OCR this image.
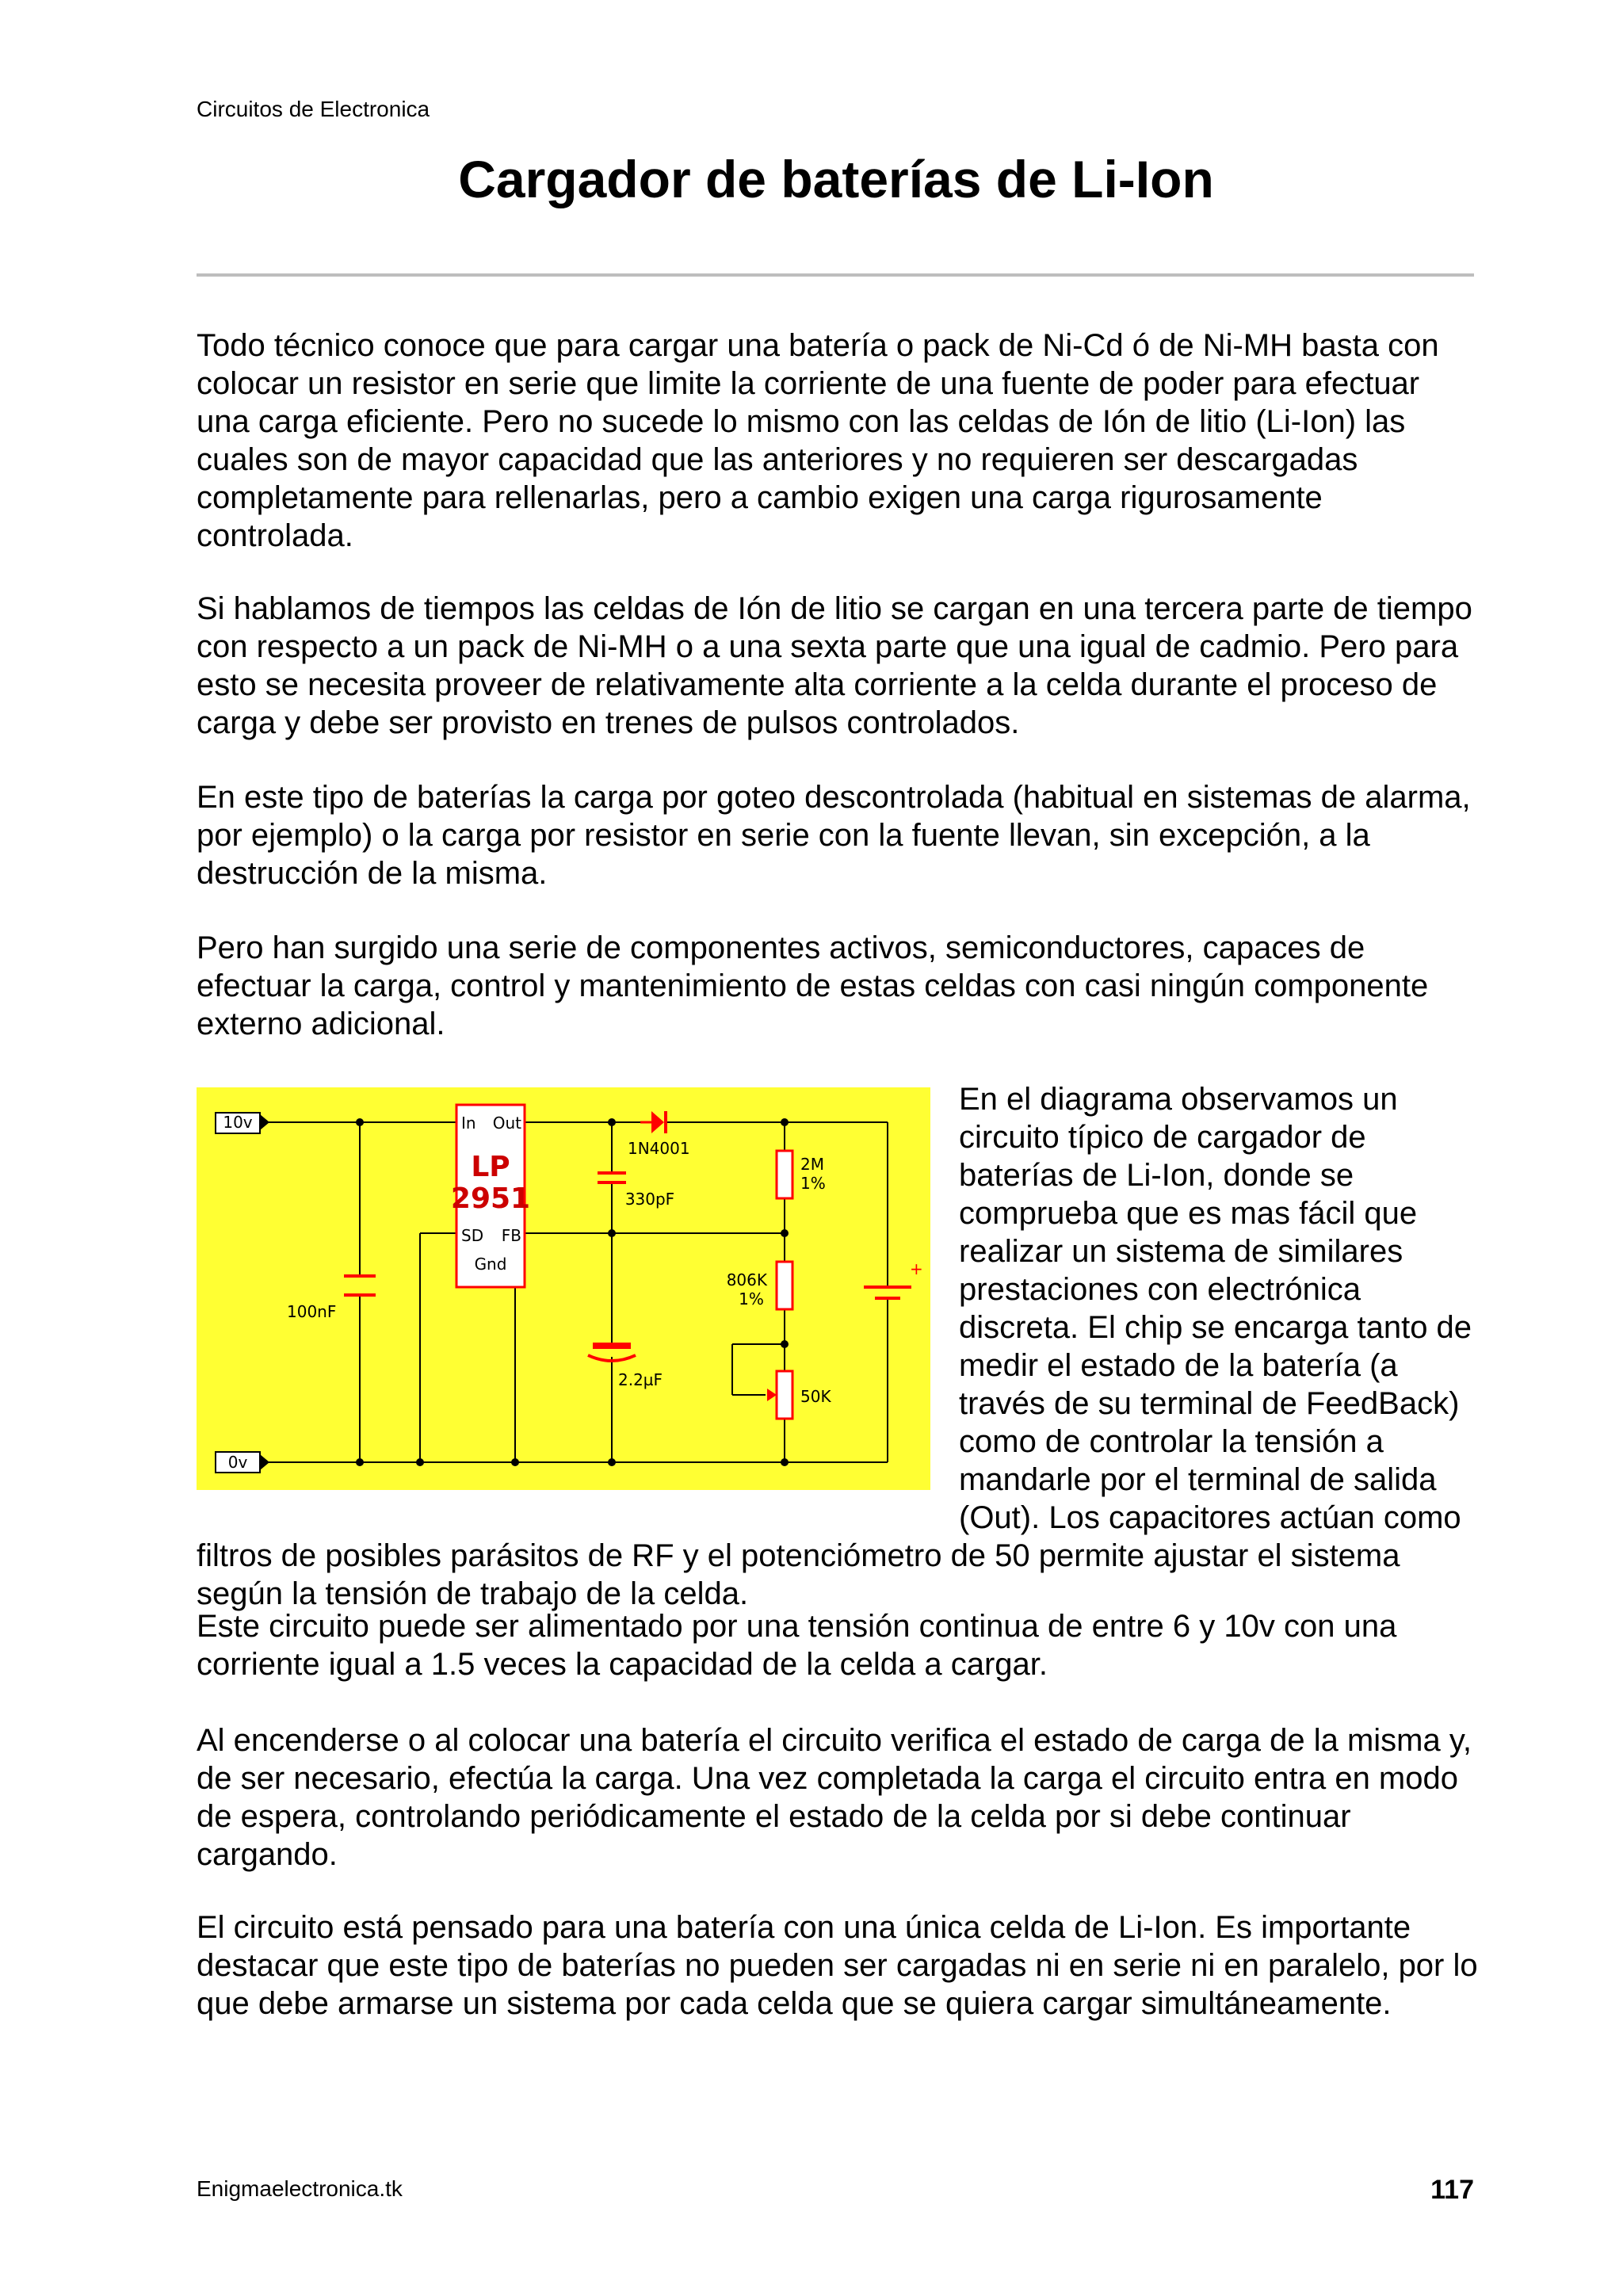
Circuitos de Electronica
Cargador de baterías de Li-Ion

Todo técnico conoce que para cargar una batería o pack de Ni-Cd ó de Ni-MH basta con colocar un resistor en serie que limite la corriente de una fuente de poder para efectuar una carga eficiente. Pero no sucede lo mismo con las celdas de Ión de litio (Li-Ion) las cuales son de mayor capacidad que las anteriores y no requieren ser descargadas completamente para rellenarlas, pero a cambio exigen una carga rigurosamente controlada.

Si hablamos de tiempos las celdas de Ión de litio se cargan en una tercera parte de tiempo con respecto a un pack de Ni-MH o a una sexta parte que una igual de cadmio. Pero para esto se necesita proveer de relativamente alta corriente a la celda durante el proceso de carga y debe ser provisto en trenes de pulsos controlados.

En este tipo de baterías la carga por goteo descontrolada (habitual en sistemas de alarma, por ejemplo) o la carga por resistor en serie con la fuente llevan, sin excepción, a la destrucción de la misma.

Pero han surgido una serie de componentes activos, semiconductores, capaces de efectuar la carga, control y mantenimiento de estas celdas con casi ningún componente externo adicional.

En el diagrama observamos un circuito típico de cargador de baterías de Li-Ion, donde se comprueba que es mas fácil que realizar un sistema de similares prestaciones con electrónica discreta. El chip se encarga tanto de medir el estado de la batería (a través de su terminal de FeedBack) como de controlar la tensión a mandarle por el terminal de salida (Out). Los capacitores actúan como filtros de posibles parásitos de RF y el potenciómetro de 50 permite ajustar el sistema según la tensión de trabajo de la celda.

10v
0v
In Out
LP
2951
SD FB
Gnd
1N4001
330pF
100nF
2.2µF
2M
1%
806K
1%
50K
+

Este circuito puede ser alimentado por una tensión continua de entre 6 y 10v con una corriente igual a 1.5 veces la capacidad de la celda a cargar.

Al encenderse o al colocar una batería el circuito verifica el estado de carga de la misma y, de ser necesario, efectúa la carga. Una vez completada la carga el circuito entra en modo de espera, controlando periódicamente el estado de la celda por si debe continuar cargando.

El circuito está pensado para una batería con una única celda de Li-Ion. Es importante destacar que este tipo de baterías no pueden ser cargadas ni en serie ni en paralelo, por lo que debe armarse un sistema por cada celda que se quiera cargar simultáneamente.

Enigmaelectronica.tk	117
